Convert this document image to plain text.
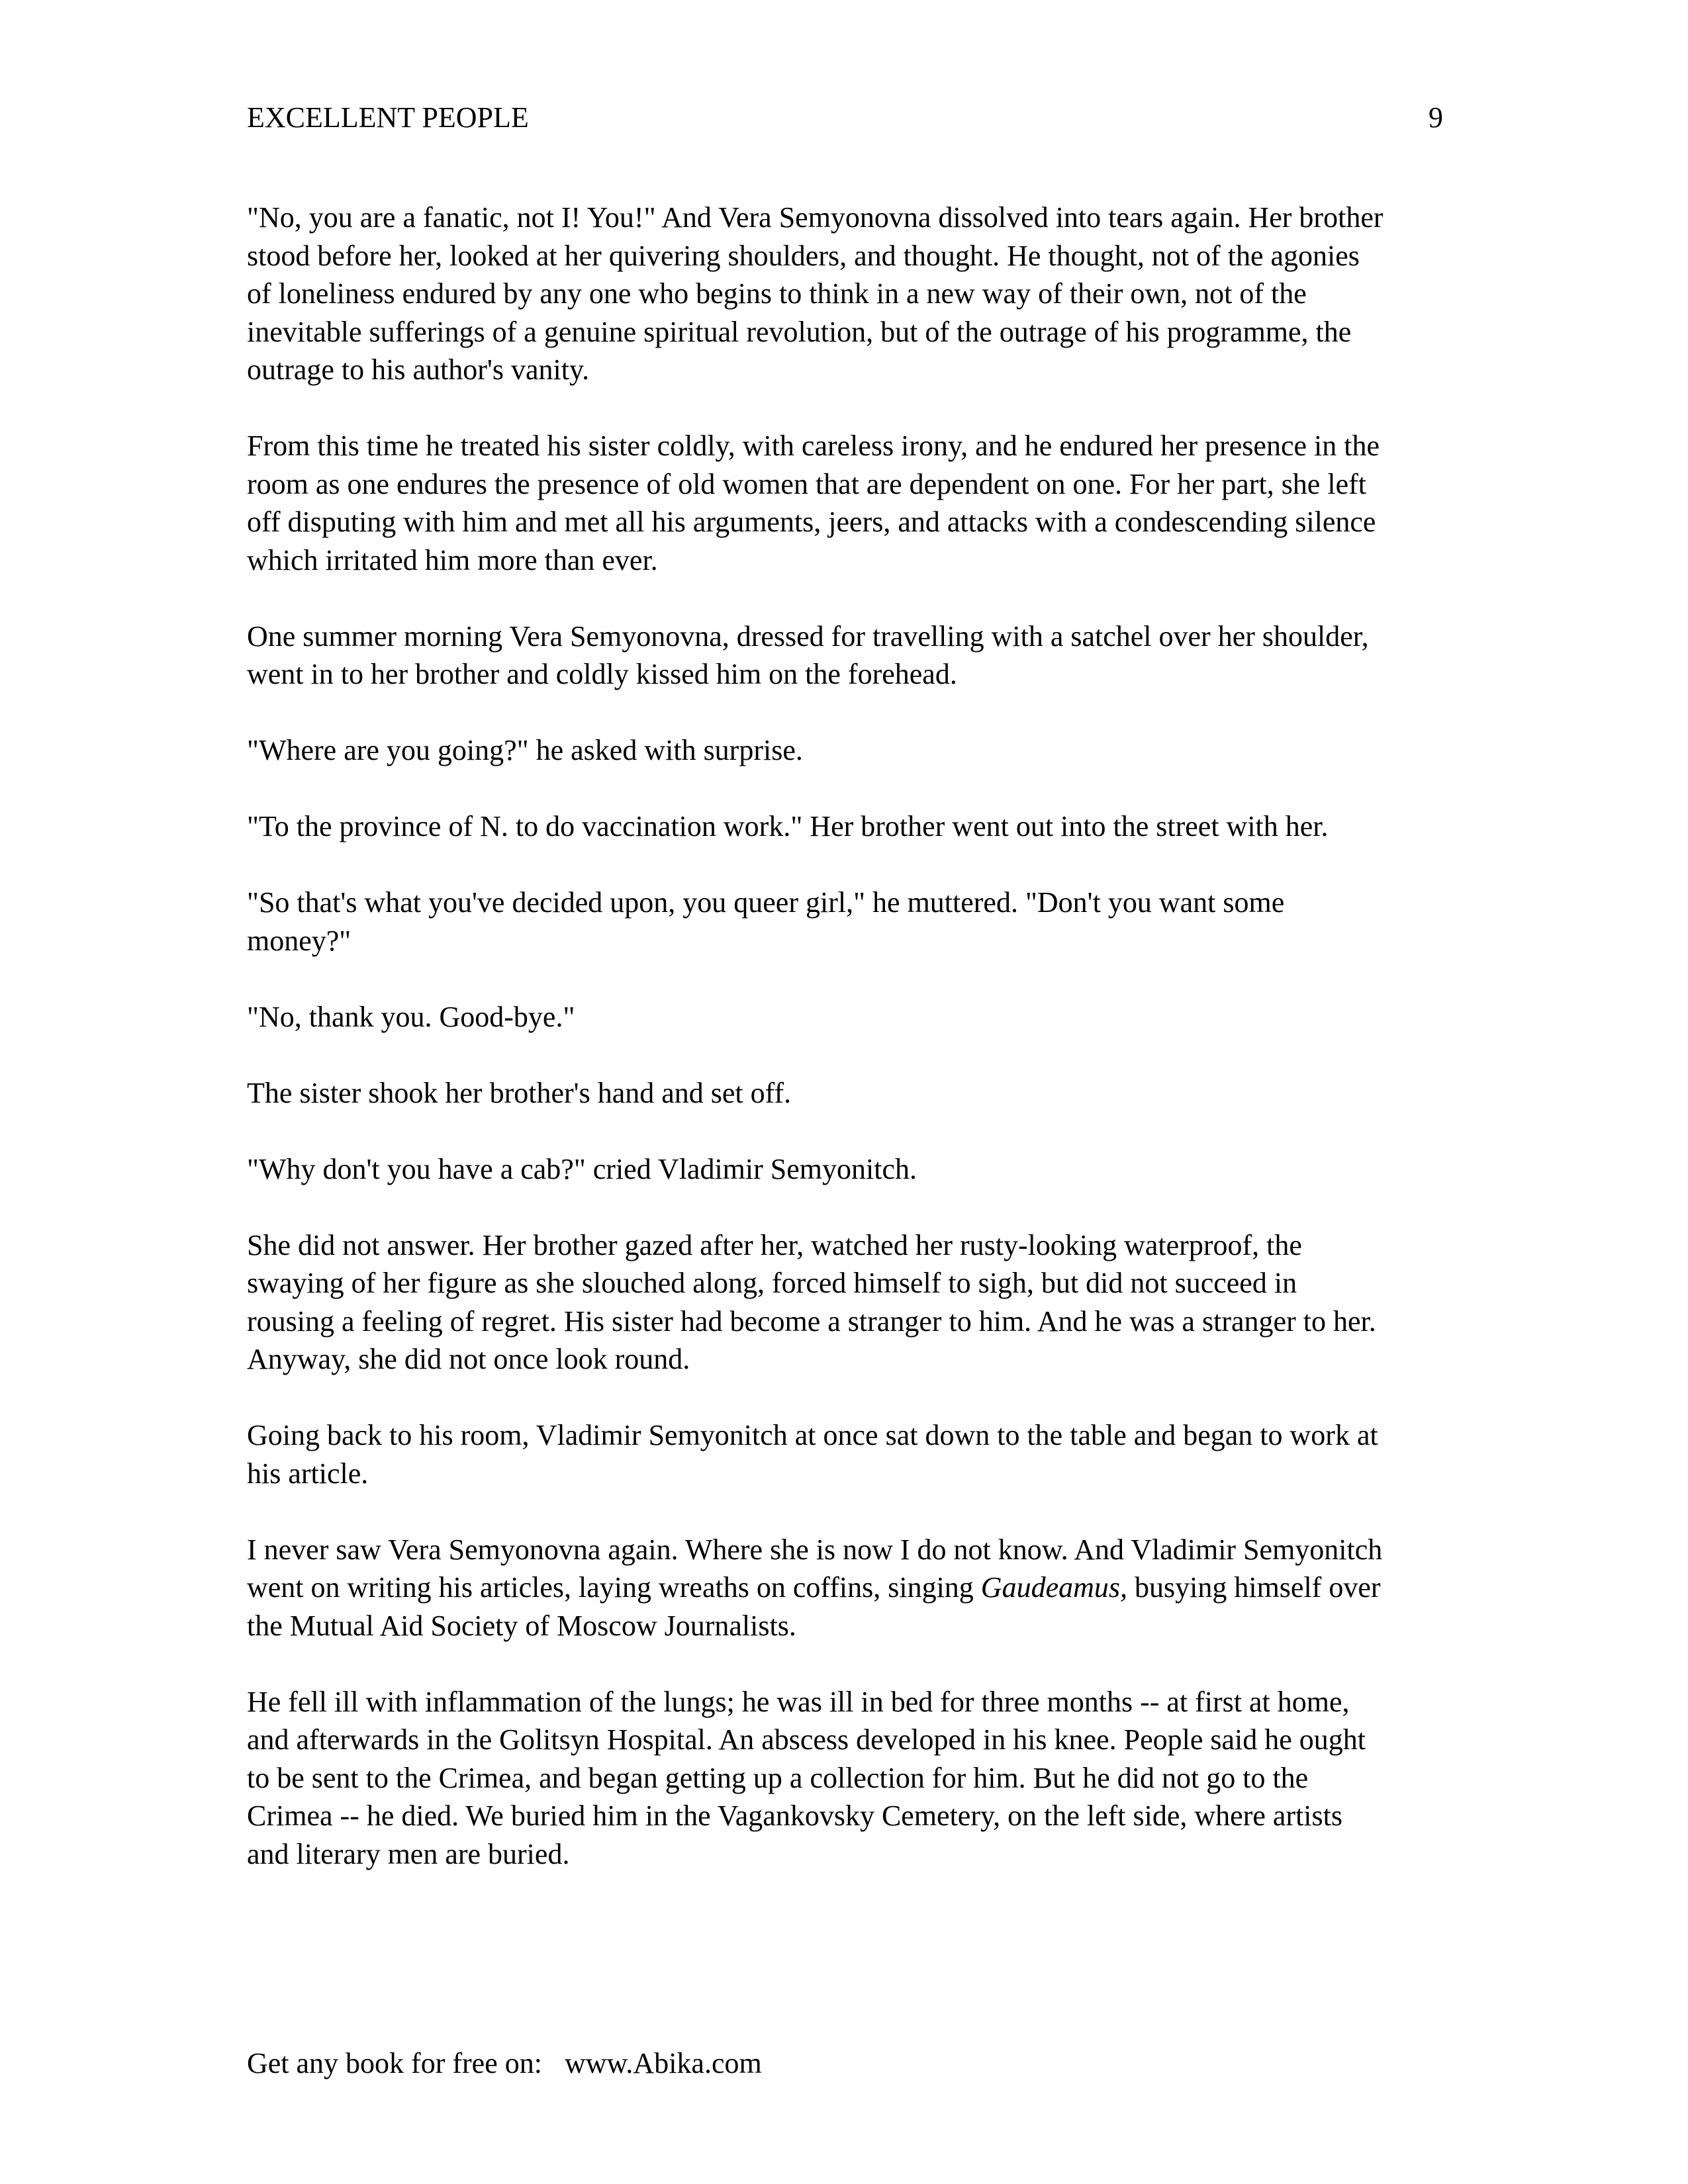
EXCELLENT PEOPLE	9

"No, you are a fanatic, not I! You!" And Vera Semyonovna dissolved into tears again. Her brother stood before her, looked at her quivering shoulders, and thought. He thought, not of the agonies of loneliness endured by any one who begins to think in a new way of their own, not of the inevitable sufferings of a genuine spiritual revolution, but of the outrage of his programme, the outrage to his author's vanity.

From this time he treated his sister coldly, with careless irony, and he endured her presence in the room as one endures the presence of old women that are dependent on one. For her part, she left off disputing with him and met all his arguments, jeers, and attacks with a condescending silence which irritated him more than ever.

One summer morning Vera Semyonovna, dressed for travelling with a satchel over her shoulder, went in to her brother and coldly kissed him on the forehead.

"Where are you going?" he asked with surprise.

"To the province of N. to do vaccination work." Her brother went out into the street with her.

"So that's what you've decided upon, you queer girl," he muttered. "Don't you want some money?"

"No, thank you. Good-bye."

The sister shook her brother's hand and set off.

"Why don't you have a cab?" cried Vladimir Semyonitch.

She did not answer. Her brother gazed after her, watched her rusty-looking waterproof, the swaying of her figure as she slouched along, forced himself to sigh, but did not succeed in rousing a feeling of regret. His sister had become a stranger to him. And he was a stranger to her. Anyway, she did not once look round.

Going back to his room, Vladimir Semyonitch at once sat down to the table and began to work at his article.

I never saw Vera Semyonovna again. Where she is now I do not know. And Vladimir Semyonitch went on writing his articles, laying wreaths on coffins, singing Gaudeamus, busying himself over the Mutual Aid Society of Moscow Journalists.

He fell ill with inflammation of the lungs; he was ill in bed for three months -- at first at home, and afterwards in the Golitsyn Hospital. An abscess developed in his knee. People said he ought to be sent to the Crimea, and began getting up a collection for him. But he did not go to the Crimea -- he died. We buried him in the Vagankovsky Cemetery, on the left side, where artists and literary men are buried.

Get any book for free on: www.Abika.com
